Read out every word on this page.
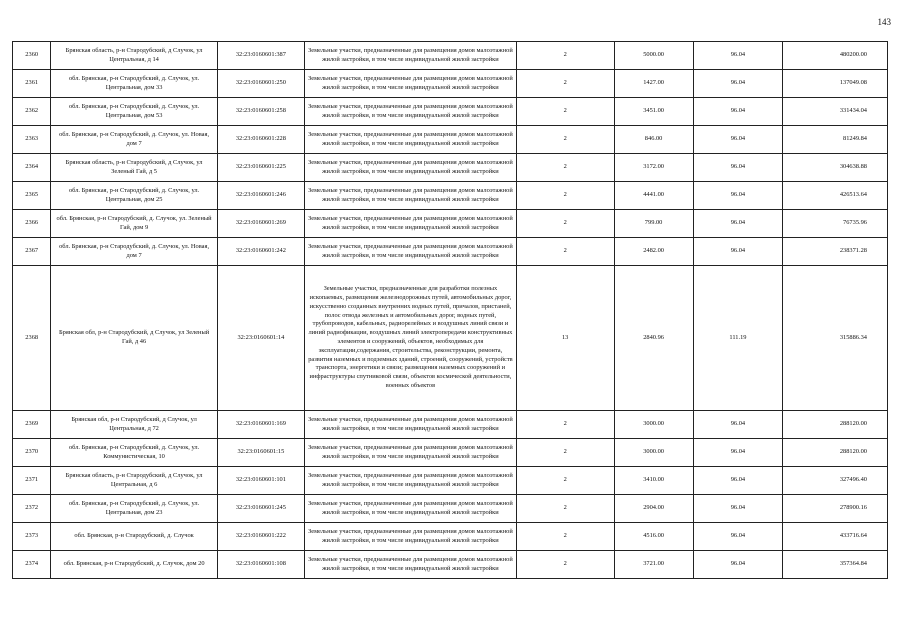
143
2360	Брянская область, р-н Стародубский, д Случок, ул Центральная, д 14	32:23:0160601:387	Земельные участки, предназначенные для размещения домов малоэтажной жилой застройки, в том числе индивидуальной жилой застройки	2	5000.00	96.04	480200.00
2361	обл. Брянская, р-н Стародубский, д. Случок, ул. Центральная, дом 33	32:23:0160601:250	Земельные участки, предназначенные для размещения домов малоэтажной жилой застройки, в том числе индивидуальной жилой застройки	2	1427.00	96.04	137049.08
2362	обл. Брянская, р-н Стародубский, д. Случок, ул. Центральная, дом 53	32:23:0160601:258	Земельные участки, предназначенные для размещения домов малоэтажной жилой застройки, в том числе индивидуальной жилой застройки	2	3451.00	96.04	331434.04
2363	обл. Брянская, р-н Стародубский, д. Случок, ул. Новая, дом 7	32:23:0160601:228	Земельные участки, предназначенные для размещения домов малоэтажной жилой застройки, в том числе индивидуальной жилой застройки	2	846.00	96.04	81249.84
2364	Брянская область, р-н Стародубский, д Случок, ул Зеленый Гай, д 5	32:23:0160601:225	Земельные участки, предназначенные для размещения домов малоэтажной жилой застройки, в том числе индивидуальной жилой застройки	2	3172.00	96.04	304638.88
2365	обл. Брянская, р-н Стародубский, д. Случок, ул. Центральная, дом 25	32:23:0160601:246	Земельные участки, предназначенные для размещения домов малоэтажной жилой застройки, в том числе индивидуальной жилой застройки	2	4441.00	96.04	426513.64
2366	обл. Брянская, р-н Стародубский, д. Случок, ул. Зеленый Гай, дом 9	32:23:0160601:269	Земельные участки, предназначенные для размещения домов малоэтажной жилой застройки, в том числе индивидуальной жилой застройки	2	799.00	96.04	76735.96
2367	обл. Брянская, р-н Стародубский, д. Случок, ул. Новая, дом 7	32:23:0160601:242	Земельные участки, предназначенные для размещения домов малоэтажной жилой застройки, в том числе индивидуальной жилой застройки	2	2482.00	96.04	238371.28
2368	Брянская обл, р-н Стародубский, д Случок, ул Зеленый Гай, д 46	32:23:0160601:14	Земельные участки, предназначенные для разработки полезных ископаемых, размещения железнодорожных путей, автомобильных дорог, искусственно созданных внутренних водных путей, причалов, пристаней, полос отвода железных и автомобильных дорог, водных путей, трубопроводов, кабельных, радиорелейных и воздушных линий связи и линий радиофикации, воздушных линий электропередачи конструктивных элементов и сооружений, объектов, необходимых для эксплуатации,содержания, строительства, реконструкции, ремонта, развития наземных и подземных зданий, строений, сооружений, устройств транспорта, энергетики и связи; размещения наземных сооружений и инфраструктуры спутниковой связи, объектов космической деятельности, военных объектов	13	2840.96	111.19	315886.34
2369	Брянская обл, р-н Стародубский, д Случок, ул Центральная, д 72	32:23:0160601:169	Земельные участки, предназначенные для размещения домов малоэтажной жилой застройки, в том числе индивидуальной жилой застройки	2	3000.00	96.04	288120.00
2370	обл. Брянская, р-н Стародубский, д. Случок, ул. Коммунистическая, 10	32:23:0160601:15	Земельные участки, предназначенные для размещения домов малоэтажной жилой застройки, в том числе индивидуальной жилой застройки	2	3000.00	96.04	288120.00
2371	Брянская область, р-н Стародубский, д Случок, ул Центральная, д 6	32:23:0160601:101	Земельные участки, предназначенные для размещения домов малоэтажной жилой застройки, в том числе индивидуальной жилой застройки	2	3410.00	96.04	327496.40
2372	обл. Брянская, р-н Стародубский, д. Случок, ул. Центральная, дом 23	32:23:0160601:245	Земельные участки, предназначенные для размещения домов малоэтажной жилой застройки, в том числе индивидуальной жилой застройки	2	2904.00	96.04	278900.16
2373	обл. Брянская, р-н Стародубский, д. Случок	32:23:0160601:222	Земельные участки, предназначенные для размещения домов малоэтажной жилой застройки, в том числе индивидуальной жилой застройки	2	4516.00	96.04	433716.64
2374	обл. Брянская, р-н Стародубский, д. Случок, дом 20	32:23:0160601:108	Земельные участки, предназначенные для размещения домов малоэтажной жилой застройки, в том числе индивидуальной жилой застройки	2	3721.00	96.04	357364.84
